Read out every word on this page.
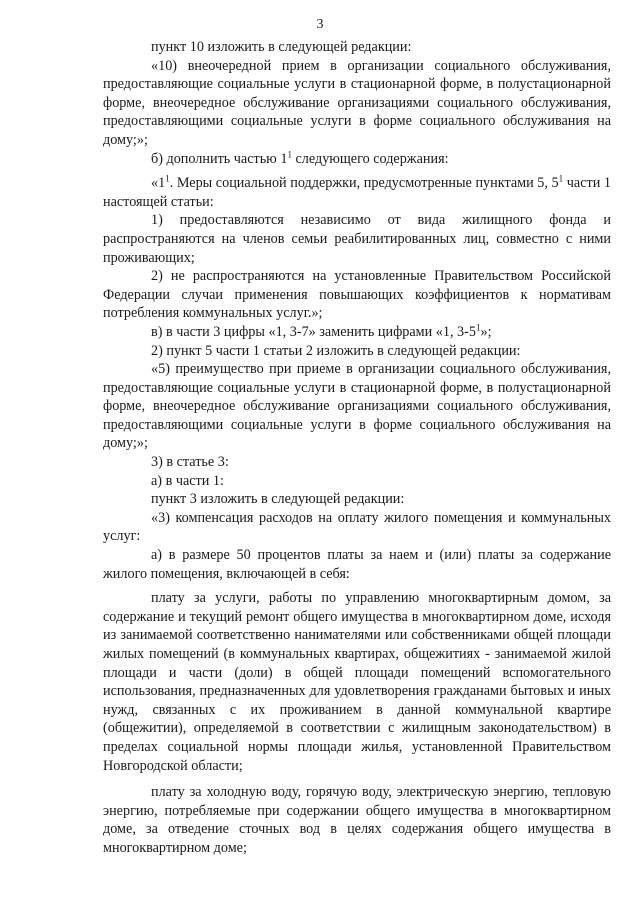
3

пункт 10 изложить в следующей редакции:

«10) внеочередной прием в организации социального обслуживания, предоставляющие социальные услуги в стационарной форме, в полустационарной форме, внеочередное обслуживание организациями социального обслуживания, предоставляющими социальные услуги в форме социального обслуживания на дому;»;

б) дополнить частью $1^1$ следующего содержания:

«$1^1$. Меры социальной поддержки, предусмотренные пунктами 5, $5^1$ части 1 настоящей статьи:

1) предоставляются независимо от вида жилищного фонда и распространяются на членов семьи реабилитированных лиц, совместно с ними проживающих;

2) не распространяются на установленные Правительством Российской Федерации случаи применения повышающих коэффициентов к нормативам потребления коммунальных услуг.»;

в) в части 3 цифры «1, 3-7» заменить цифрами «1, $3-5^1$»;

2) пункт 5 части 1 статьи 2 изложить в следующей редакции:

«5) преимущество при приеме в организации социального обслуживания, предоставляющие социальные услуги в стационарной форме, в полустационарной форме, внеочередное обслуживание организациями социального обслуживания, предоставляющими социальные услуги в форме социального обслуживания на дому;»;

3) в статье 3:

а) в части 1:

пункт 3 изложить в следующей редакции:

«3) компенсация расходов на оплату жилого помещения и коммунальных услуг:

а) в размере 50 процентов платы за наем и (или) платы за содержание жилого помещения, включающей в себя:

плату за услуги, работы по управлению многоквартирным домом, за содержание и текущий ремонт общего имущества в многоквартирном доме, исходя из занимаемой соответственно нанимателями или собственниками общей площади жилых помещений (в коммунальных квартирах, общежитиях - занимаемой жилой площади и части (доли) в общей площади помещений вспомогательного использования, предназначенных для удовлетворения гражданами бытовых и иных нужд, связанных с их проживанием в данной коммунальной квартире (общежитии), определяемой в соответствии с жилищным законодательством) в пределах социальной нормы площади жилья, установленной Правительством Новгородской области;

плату за холодную воду, горячую воду, электрическую энергию, тепловую энергию, потребляемые при содержании общего имущества в многоквартирном доме, за отведение сточных вод в целях содержания общего имущества в многоквартирном доме;
